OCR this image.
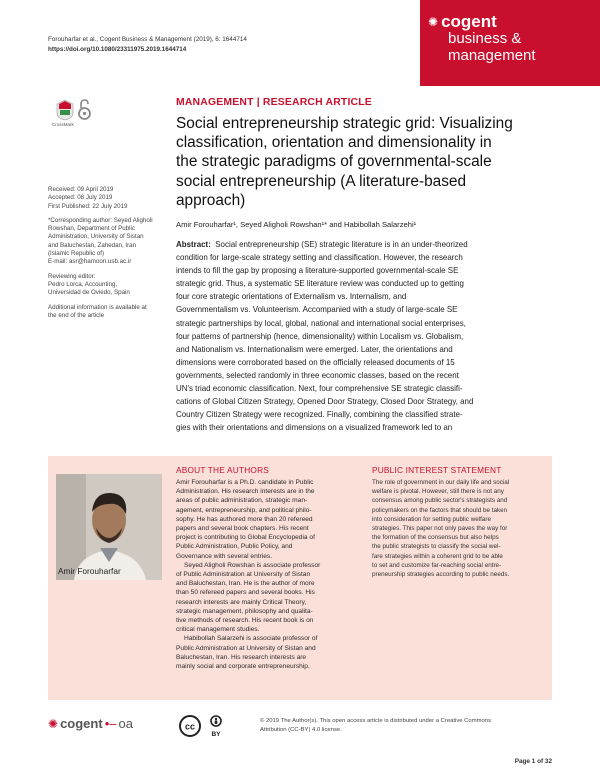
Forouharfar et al., Cogent Business & Management (2019), 6: 1644714
https://doi.org/10.1080/23311975.2019.1644714
✺ cogent
business &
management
CrossMark
Received: 09 April 2019
Accepted: 08 July 2019
First Published: 22 July 2019
*Corresponding author: Seyed Aligholi
Rowshan, Department of Public
Administration, University of Sistan
and Baluchestan, Zahedan, Iran
(Islamic Republic of)
E-mail: asr@hamoon.usb.ac.ir
Reviewing editor:
Pedro Lorca, Accounting,
Universidad de Oviedo, Spain
Additional information is available at
the end of the article
MANAGEMENT | RESEARCH ARTICLE
Social entrepreneurship strategic grid: Visualizing
classification, orientation and dimensionality in
the strategic paradigms of governmental-scale
social entrepreneurship (A literature-based
approach)
Amir Forouharfar¹, Seyed Aligholi Rowshan¹* and Habibollah Salarzehi¹
Abstract: Social entrepreneurship (SE) strategic literature is in an under-theorized
condition for large-scale strategy setting and classification. However, the research
intends to fill the gap by proposing a literature-supported governmental-scale SE
strategic grid. Thus, a systematic SE literature review was conducted up to getting
four core strategic orientations of Externalism vs. Internalism, and
Governmentalism vs. Volunteerism. Accompanied with a study of large-scale SE
strategic partnerships by local, global, national and international social enterprises,
four patterns of partnership (hence, dimensionality) within Localism vs. Globalism,
and Nationalism vs. Internationalism were emerged. Later, the orientations and
dimensions were corroborated based on the officially released documents of 15
governments, selected randomly in three economic classes, based on the recent
UN's triad economic classification. Next, four comprehensive SE strategic classifi-
cations of Global Citizen Strategy, Opened Door Strategy, Closed Door Strategy, and
Country Citizen Strategy were recognized. Finally, combining the classified strate-
gies with their orientations and dimensions on a visualized framework led to an
Amir Forouharfar
ABOUT THE AUTHORS

Amir Forouharfar is a Ph.D. candidate in Public
Administration. His research interests are in the
areas of public administration, strategic man-
agement, entrepreneurship, and political philo-
sophy. He has authored more than 20 refereed
papers and several book chapters. His recent
project is contributing to Global Encyclopedia of
Public Administration, Public Policy, and
Governance with several entries.

Seyed Aligholi Rowshan is associate professor
of Public Administration at University of Sistan
and Baluchestan, Iran. He is the author of more
than 50 refereed papers and several books. His
research interests are mainly Critical Theory,
strategic management, philosophy and qualita-
tive methods of research. His recent book is on
critical management studies.

Habibollah Salarzehi is associate professor of
Public Administration at University of Sistan and
Baluchestan, Iran. His research interests are
mainly social and corporate entrepreneurship.

PUBLIC INTEREST STATEMENT
The role of government in our daily life and social
welfare is pivotal. However, still there is not any
consensus among public sector's strategists and
policymakers on the factors that should be taken
into consideration for setting public welfare
strategies. This paper not only paves the way for
the formation of the consensus but also helps
the public strategists to classify the social wel-
fare strategies within a coherent grid to be able
to set and customize far-reaching social entre-
preneurship strategies according to public needs.
✺ cogent •– oa	cc
BY
© 2019 The Author(s). This open access article is distributed under a Creative Commons
Attribution (CC-BY) 4.0 license.
Page 1 of 32
